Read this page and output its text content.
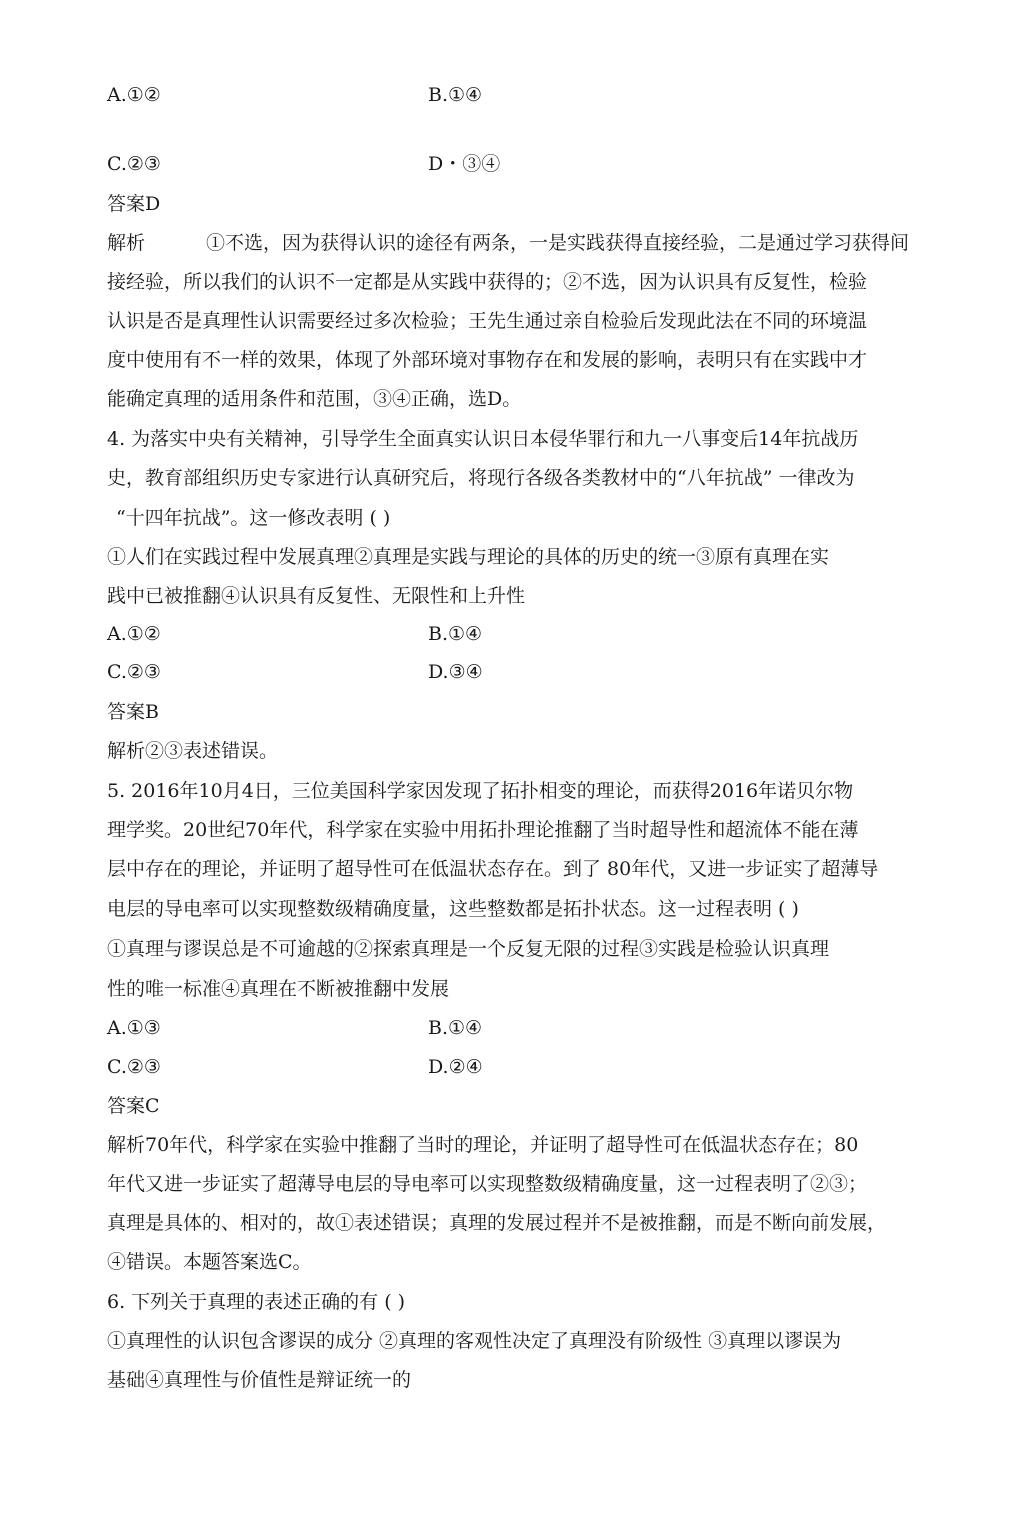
A.①②	B.①④
C.②③	D・③④
答案D
解析	①不选，因为获得认识的途径有两条，一是实践获得直接经验，二是通过学习获得间
接经验，所以我们的认识不一定都是从实践中获得的；②不选，因为认识具有反复性，检验
认识是否是真理性认识需要经过多次检验；王先生通过亲自检验后发现此法在不同的环境温
度中使用有不一样的效果，体现了外部环境对事物存在和发展的影响，表明只有在实践中才
能确定真理的适用条件和范围，③④正确，选D。
4. 为落实中央有关精神，引导学生全面真实认识日本侵华罪行和九一八事变后14年抗战历
史，教育部组织历史专家进行认真研究后，将现行各级各类教材中的“八年抗战” 一律改为
“十四年抗战”。这一修改表明 ( )
①人们在实践过程中发展真理②真理是实践与理论的具体的历史的统一③原有真理在实
践中已被推翻④认识具有反复性、无限性和上升性
A.①②	B.①④
C.②③	D.③④
答案B
解析②③表述错误。
5. 2016年10月4日，三位美国科学家因发现了拓扑相变的理论，而获得2016年诺贝尔物
理学奖。20世纪70年代，科学家在实验中用拓扑理论推翻了当时超导性和超流体不能在薄
层中存在的理论，并证明了超导性可在低温状态存在。到了 80年代，又进一步证实了超薄导
电层的导电率可以实现整数级精确度量，这些整数都是拓扑状态。这一过程表明 ( )
①真理与谬误总是不可逾越的②探索真理是一个反复无限的过程③实践是检验认识真理
性的唯一标准④真理在不断被推翻中发展
A.①③	B.①④
C.②③	D.②④
答案C
解析70年代，科学家在实验中推翻了当时的理论，并证明了超导性可在低温状态存在；80
年代又进一步证实了超薄导电层的导电率可以实现整数级精确度量，这一过程表明了②③；
真理是具体的、相对的，故①表述错误；真理的发展过程并不是被推翻，而是不断向前发展，
④错误。本题答案选C。
6. 下列关于真理的表述正确的有 ( )
①真理性的认识包含谬误的成分 ②真理的客观性决定了真理没有阶级性 ③真理以谬误为
基础④真理性与价值性是辩证统一的
